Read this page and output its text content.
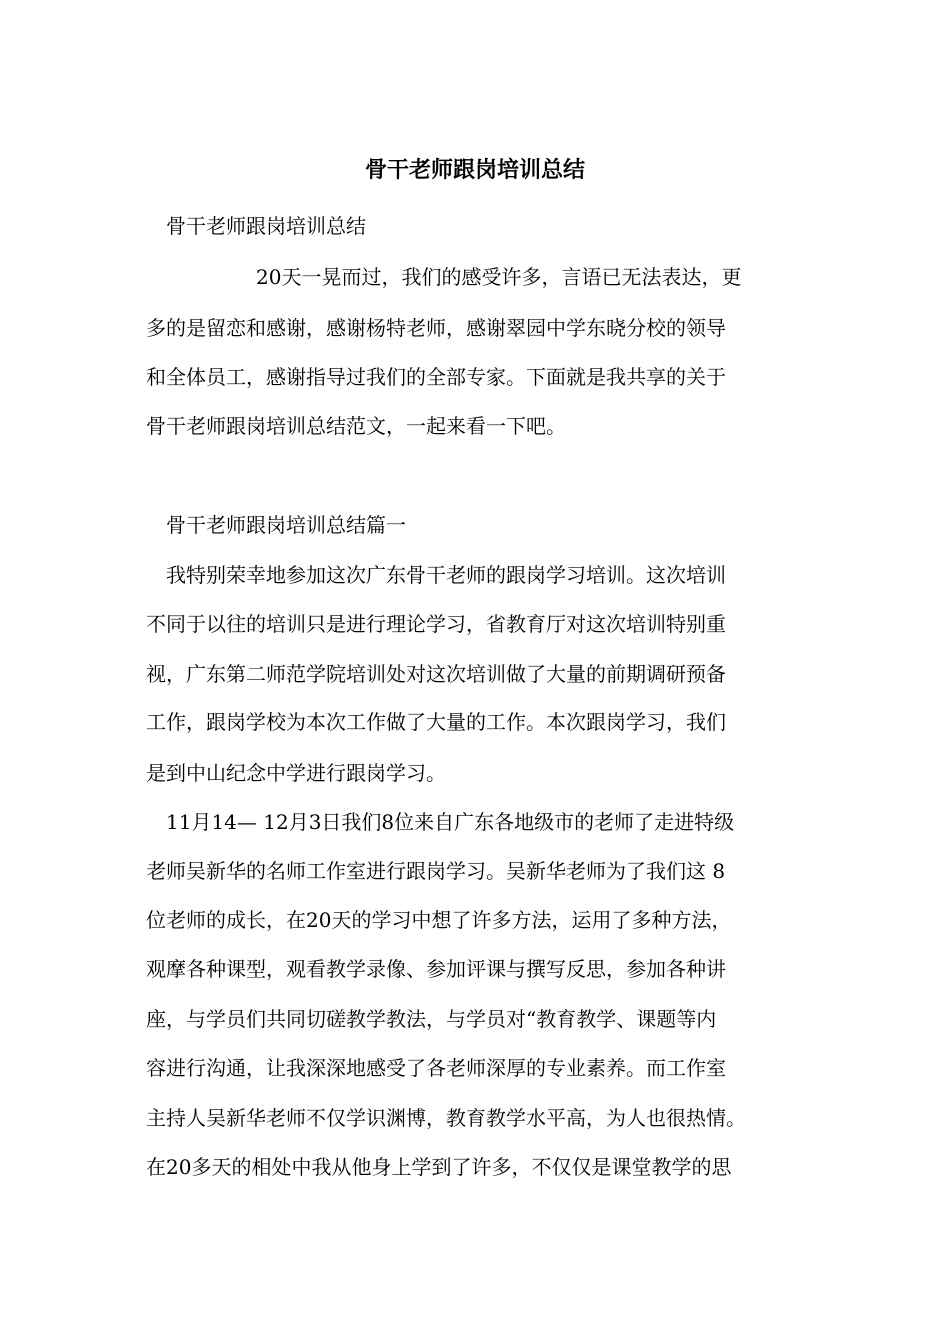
骨干老师跟岗培训总结
骨干老师跟岗培训总结
20天一晃而过，我们的感受许多，言语已无法表达，更
多的是留恋和感谢，感谢杨特老师，感谢翠园中学东晓分校的领导
和全体员工，感谢指导过我们的全部专家。下面就是我共享的关于
骨干老师跟岗培训总结范文，一起来看一下吧。
骨干老师跟岗培训总结篇一
我特别荣幸地参加这次广东骨干老师的跟岗学习培训。这次培训
不同于以往的培训只是进行理论学习，省教育厅对这次培训特别重
视，广东第二师范学院培训处对这次培训做了大量的前期调研预备
工作，跟岗学校为本次工作做了大量的工作。本次跟岗学习，我们
是到中山纪念中学进行跟岗学习。
11月14— 12月3日我们8位来自广东各地级市的老师了走进特级
老师吴新华的名师工作室进行跟岗学习。吴新华老师为了我们这 8
位老师的成长，在20天的学习中想了许多方法，运用了多种方法，
观摩各种课型，观看教学录像、参加评课与撰写反思，参加各种讲
座，与学员们共同切磋教学教法，与学员对“教育教学、课题等内
容进行沟通，让我深深地感受了各老师深厚的专业素养。而工作室
主持人吴新华老师不仅学识渊博，教育教学水平高，为人也很热情。
在20多天的相处中我从他身上学到了许多，不仅仅是课堂教学的思
